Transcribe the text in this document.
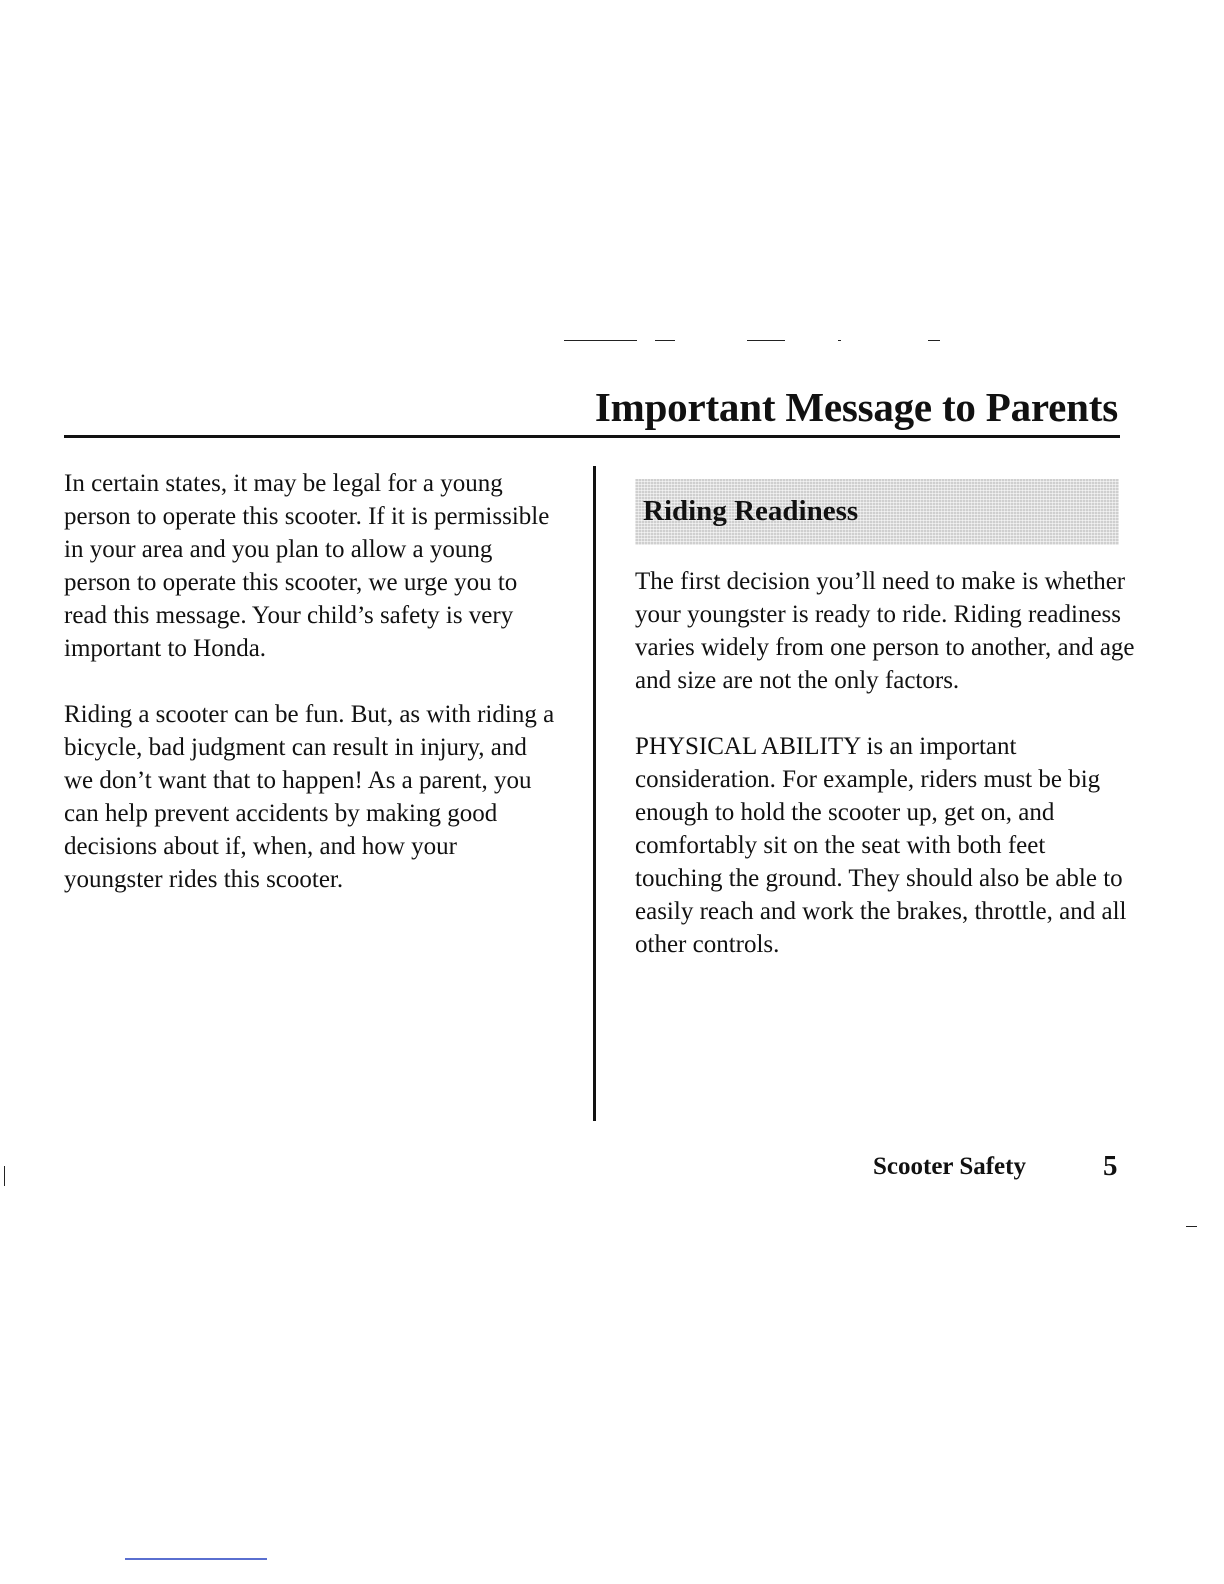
Important Message to Parents

In certain states, it may be legal for a young person to operate this scooter. If it is permissible in your area and you plan to allow a young person to operate this scooter, we urge you to read this message. Your child’s safety is very important to Honda.

Riding a scooter can be fun. But, as with riding a bicycle, bad judgment can result in injury, and we don’t want that to happen! As a parent, you can help prevent accidents by making good decisions about if, when, and how your youngster rides this scooter.

Riding Readiness

The first decision you’ll need to make is whether your youngster is ready to ride. Riding readiness varies widely from one person to another, and age and size are not the only factors.

PHYSICAL ABILITY is an important consideration. For example, riders must be big enough to hold the scooter up, get on, and comfortably sit on the seat with both feet touching the ground. They should also be able to easily reach and work the brakes, throttle, and all other controls.

Scooter Safety	5
